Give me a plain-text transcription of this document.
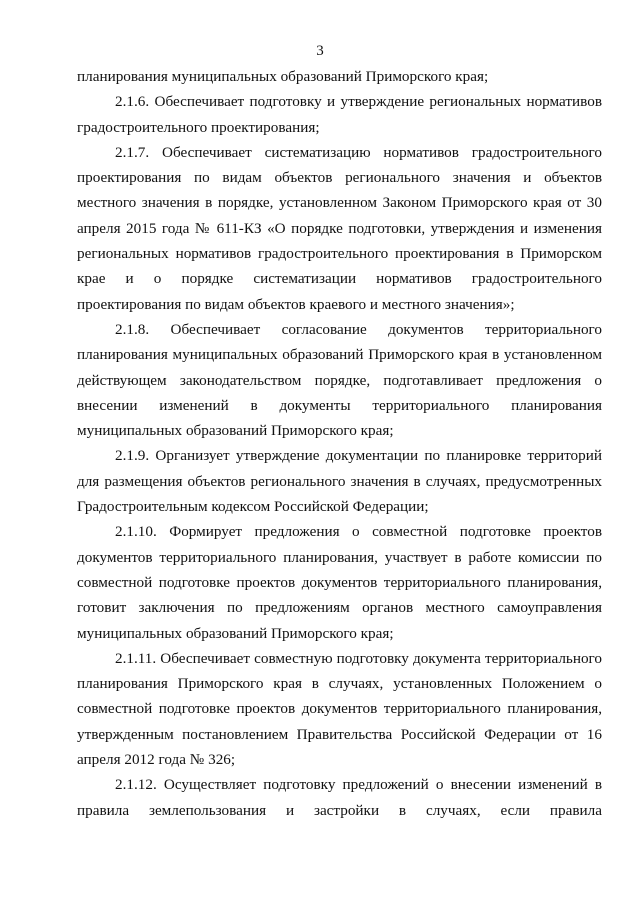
3

планирования муниципальных образований Приморского края;

2.1.6. Обеспечивает подготовку и утверждение региональных нормативов градостроительного проектирования;

2.1.7. Обеспечивает систематизацию нормативов градостроительного проектирования по видам объектов регионального значения и объектов местного значения в порядке, установленном Законом Приморского края от 30 апреля 2015 года № 611-КЗ «О порядке подготовки, утверждения и изменения региональных нормативов градостроительного проектирования в Приморском крае и о порядке систематизации нормативов градостроительного проектирования по видам объектов краевого и местного значения»;

2.1.8. Обеспечивает согласование документов территориального планирования муниципальных образований Приморского края в установленном действующем законодательством порядке, подготавливает предложения о внесении изменений в документы территориального планирования муниципальных образований Приморского края;

2.1.9. Организует утверждение документации по планировке территорий для размещения объектов регионального значения в случаях, предусмотренных Градостроительным кодексом Российской Федерации;

2.1.10. Формирует предложения о совместной подготовке проектов документов территориального планирования, участвует в работе комиссии по совместной подготовке проектов документов территориального планирования, готовит заключения по предложениям органов местного самоуправления муниципальных образований Приморского края;

2.1.11. Обеспечивает совместную подготовку документа территориального планирования Приморского края в случаях, установленных Положением о совместной подготовке проектов документов территориального планирования, утвержденным постановлением Правительства Российской Федерации от 16 апреля 2012 года № 326;

2.1.12. Осуществляет подготовку предложений о внесении изменений в правила землепользования и застройки в случаях, если правила
